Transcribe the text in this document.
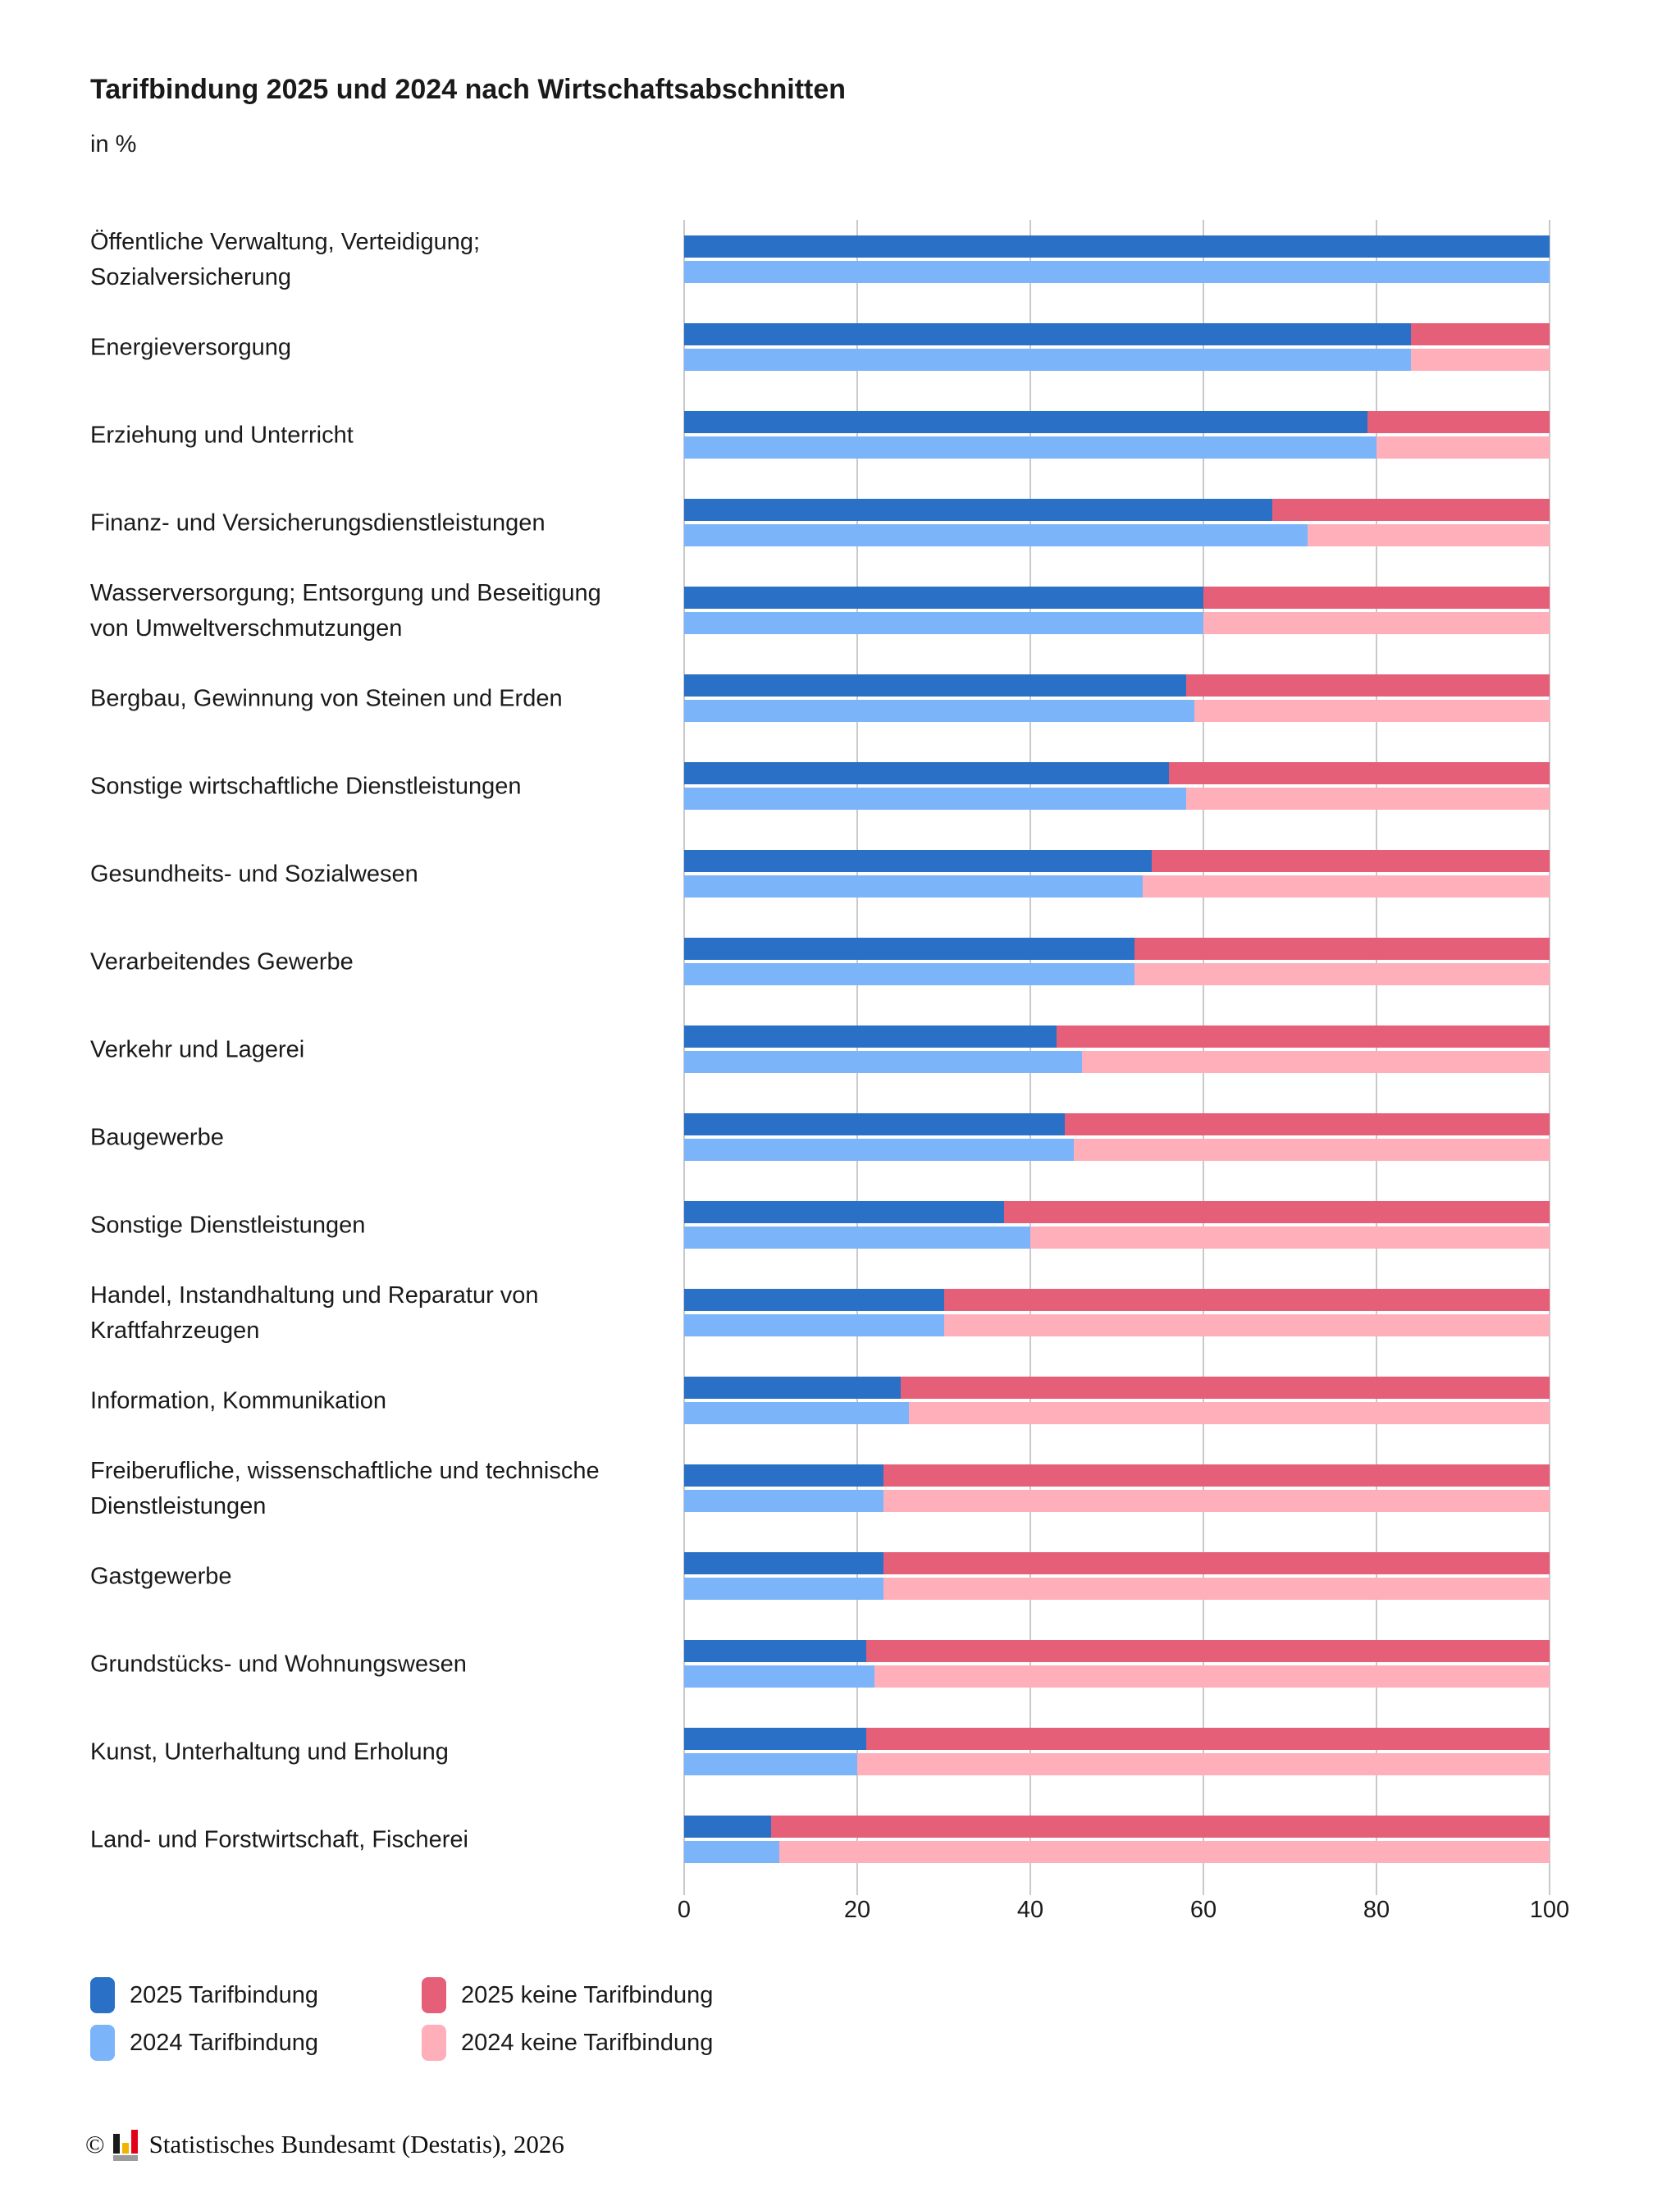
Tarifbindung 2025 und 2024 nach Wirtschaftsabschnitten
in %
Öffentliche Verwaltung, Verteidigung; Sozialversicherung
Energieversorgung
Erziehung und Unterricht
Finanz- und Versicherungsdienstleistungen
Wasserversorgung; Entsorgung und Beseitigung von Umweltverschmutzungen
Bergbau, Gewinnung von Steinen und Erden
Sonstige wirtschaftliche Dienstleistungen
Gesundheits- und Sozialwesen
Verarbeitendes Gewerbe
Verkehr und Lagerei
Baugewerbe
Sonstige Dienstleistungen
Handel, Instandhaltung und Reparatur von Kraftfahrzeugen
Information, Kommunikation
Freiberufliche, wissenschaftliche und technische Dienstleistungen
Gastgewerbe
Grundstücks- und Wohnungswesen
Kunst, Unterhaltung und Erholung
Land- und Forstwirtschaft, Fischerei
0	20	40	60	80	100
2025 Tarifbindung
2024 Tarifbindung
2025 keine Tarifbindung
2024 keine Tarifbindung
© Statistisches Bundesamt (Destatis), 2026
